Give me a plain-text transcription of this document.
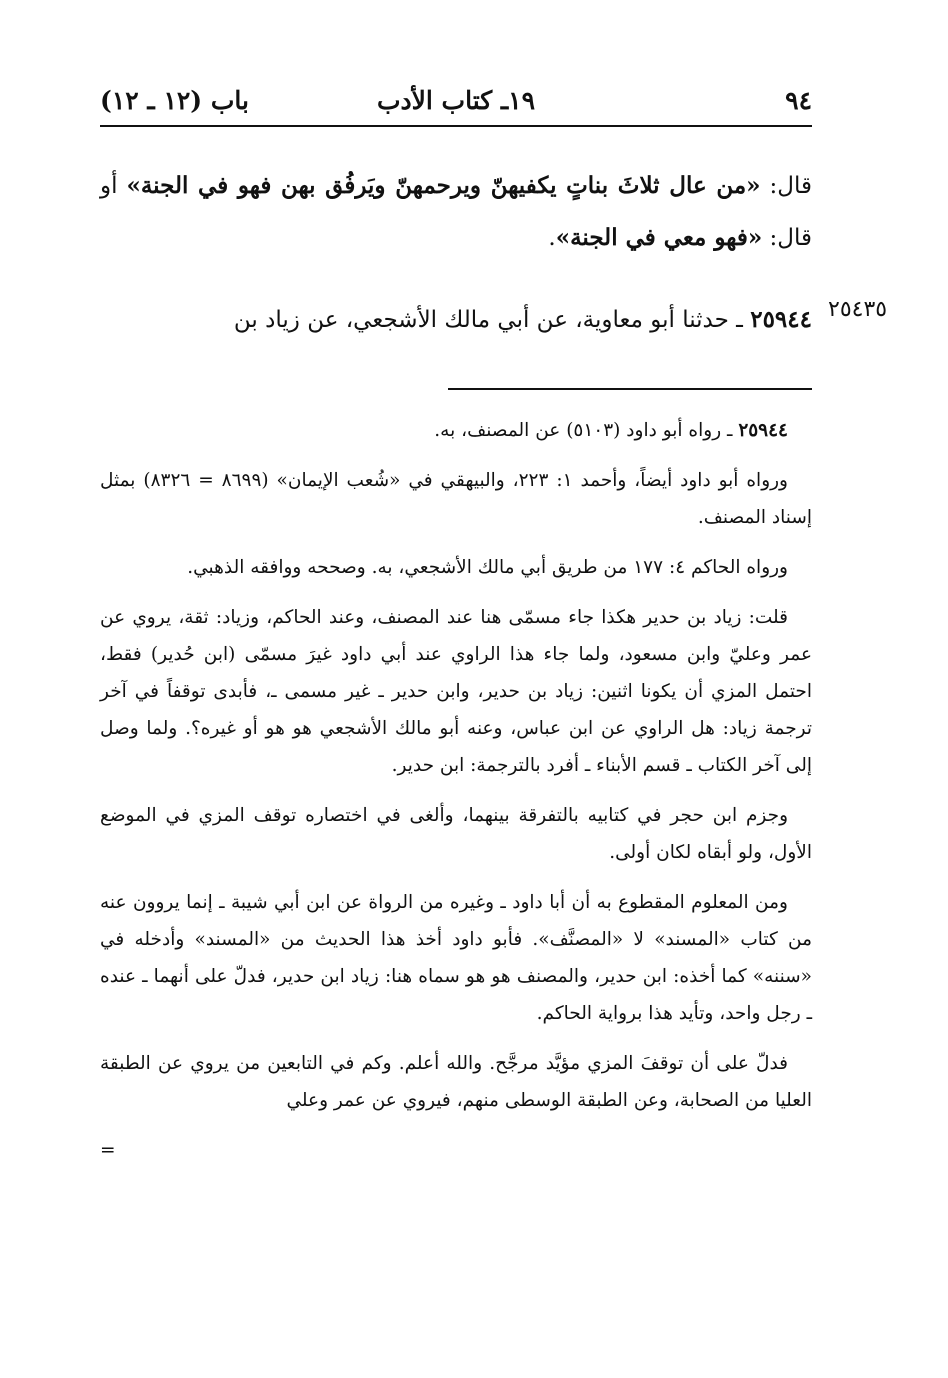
٩٤
١٩ـ كتاب الأدب
باب (١٢ ـ ١٢)

قال: «من عال ثلاثَ بناتٍ يكفيهنّ ويرحمهنّ ويَرفُق بهن فهو في الجنة» أو قال: «فهو معي في الجنة».

٢٥٩٤٤ ـ حدثنا أبو معاوية، عن أبي مالك الأشجعي، عن زياد بن	٢٥٤٣٥

٢٥٩٤٤ ـ رواه أبو داود (٥١٠٣) عن المصنف، به.

ورواه أبو داود أيضاً، وأحمد ١: ٢٢٣، والبيهقي في «شُعب الإيمان» (٨٦٩٩ = ٨٣٢٦) بمثل إسناد المصنف.

ورواه الحاكم ٤: ١٧٧ من طريق أبي مالك الأشجعي، به. وصححه ووافقه الذهبي.

قلت: زياد بن حدير هكذا جاء مسمّى هنا عند المصنف، وعند الحاكم، وزياد: ثقة، يروي عن عمر وعليّ وابن مسعود، ولما جاء هذا الراوي عند أبي داود غيرَ مسمّى (ابن حُدير) فقط، احتمل المزي أن يكونا اثنين: زياد بن حدير، وابن حدير ـ غير مسمى ـ، فأبدى توقفاً في آخر ترجمة زياد: هل الراوي عن ابن عباس، وعنه أبو مالك الأشجعي هو هو أو غيره؟. ولما وصل إلى آخر الكتاب ـ قسم الأبناء ـ أفرد بالترجمة: ابن حدير.

وجزم ابن حجر في كتابيه بالتفرقة بينهما، وألغى في اختصاره توقف المزي في الموضع الأول، ولو أبقاه لكان أولى.

ومن المعلوم المقطوع به أن أبا داود ـ وغيره من الرواة عن ابن أبي شيبة ـ إنما يروون عنه من كتاب «المسند» لا «المصنَّف». فأبو داود أخذ هذا الحديث من «المسند» وأدخله في «سننه» كما أخذه: ابن حدير، والمصنف هو هو سماه هنا: زياد ابن حدير، فدلّ على أنهما ـ عنده ـ رجل واحد، وتأيد هذا برواية الحاكم.

فدلّ على أن توقفَ المزي مؤيَّد مرجَّح. والله أعلم. وكم في التابعين من يروي عن الطبقة العليا من الصحابة، وعن الطبقة الوسطى منهم، فيروي عن عمر وعلي

=
